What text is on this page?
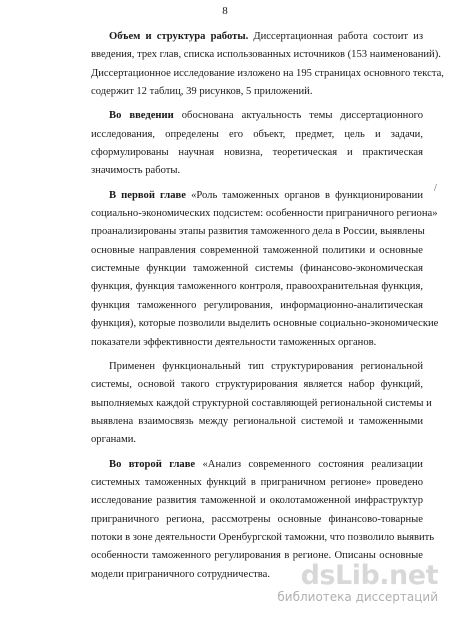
8
Объем и структура работы. Диссертационная работа состоит из
введения, трех глав, списка использованных источников (153 наименований).
Диссертационное исследование изложено на 195 страницах основного текста,
содержит 12 таблиц, 39 рисунков, 5 приложений.
Во введении обоснована актуальность темы диссертационного
исследования, определены его объект, предмет, цель и задачи,
сформулированы научная новизна, теоретическая и практическая
значимость работы.
В первой главе «Роль таможенных органов в функционировании
социально-экономических подсистем: особенности приграничного региона»
проанализированы этапы развития таможенного дела в России, выявлены
основные направления современной таможенной политики и основные
системные функции таможенной системы (финансово-экономическая
функция, функция таможенного контроля, правоохранительная функция,
функция таможенного регулирования, информационно-аналитическая
функция), которые позволили выделить основные социально-экономические
показатели эффективности деятельности таможенных органов.
Применен функциональный тип структурирования региональной
системы, основой такого структурирования является набор функций,
выполняемых каждой структурной составляющей региональной системы и
выявлена взаимосвязь между региональной системой и таможенными
органами.
Во второй главе «Анализ современного состояния реализации
системных таможенных функций в приграничном регионе» проведено
исследование развития таможенной и околотаможенной инфраструктур
приграничного региона, рассмотрены основные финансово-товарные
потоки в зоне деятельности Оренбургской таможни, что позволило выявить
особенности таможенного регулирования в регионе. Описаны основные
модели приграничного сотрудничества.
/
dsLib.net
библиотека диссертаций
